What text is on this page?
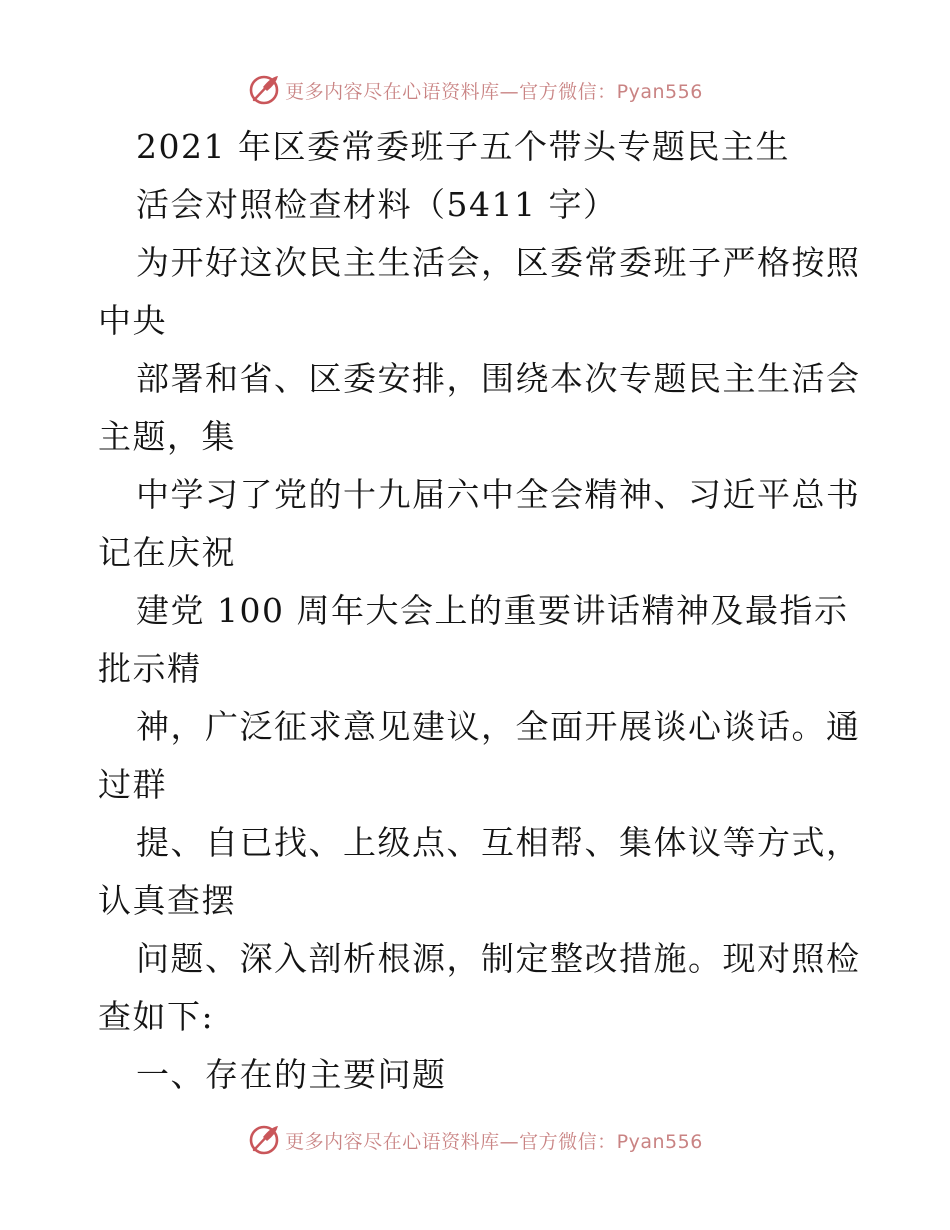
更多内容尽在心语资料库—官方微信：Pyan556
2021 年区委常委班子五个带头专题民主生
活会对照检查材料（5411 字）
为开好这次民主生活会，区委常委班子严格按照
中央
部署和省、区委安排，围绕本次专题民主生活会
主题，集
中学习了党的十九届六中全会精神、习近平总书
记在庆祝
建党 100 周年大会上的重要讲话精神及最指示
批示精
神，广泛征求意见建议，全面开展谈心谈话。通
过群
提、自已找、上级点、互相帮、集体议等方式，
认真查摆
问题、深入剖析根源，制定整改措施。现对照检
查如下:
一、存在的主要问题
更多内容尽在心语资料库—官方微信：Pyan556
